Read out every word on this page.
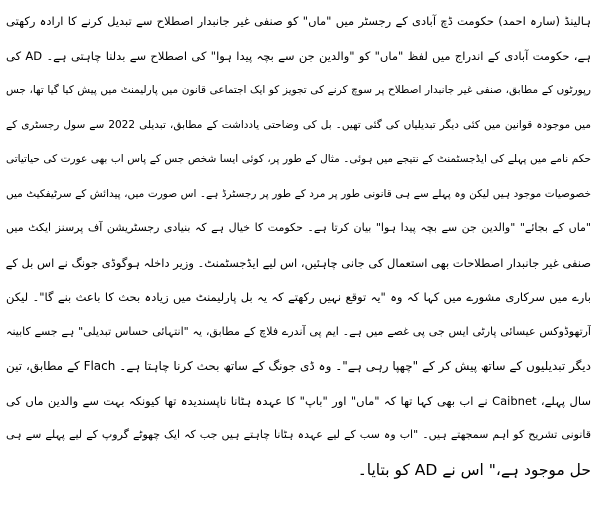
ہالینڈ (سارہ احمد) حکومت ڈچ آبادی کے رجسٹر میں "ماں" کو صنفی غیر جانبدار اصطلاح سے تبدیل کرنے کا ارادہ رکھتی
ہے، حکومت آبادی کے اندراج میں لفظ "ماں" کو "والدین جن سے بچہ پیدا ہوا" کی اصطلاح سے بدلنا چاہتی ہے۔ AD کی
رپورٹوں کے مطابق، صنفی غیر جانبدار اصطلاح پر سوچ کرنے کی تجویز کو ایک اجتماعی قانون میں پارلیمنٹ میں پیش کیا گیا تھا، جس
میں موجودہ قوانین میں کئی دیگر تبدیلیاں کی گئی تھیں۔ بل کی وضاحتی یادداشت کے مطابق، تبدیلی 2022 سے سول رجسٹری کے
حکم نامے میں پہلے کی ایڈجسٹمنٹ کے نتیجے میں ہوئی۔ مثال کے طور پر، کوئی ایسا شخص جس کے پاس اب بھی عورت کی حیاتیاتی
خصوصیات موجود ہیں لیکن وہ پہلے سے ہی قانونی طور پر مرد کے طور پر رجسٹرڈ ہے۔ اس صورت میں، پیدائش کے سرٹیفکیٹ میں
"ماں کے بجائے" "والدین جن سے بچہ پیدا ہوا" بیان کرتا ہے۔ حکومت کا خیال ہے کہ بنیادی رجسٹریشن آف پرسنز ایکٹ میں
صنفی غیر جانبدار اصطلاحات بھی استعمال کی جانی چاہئیں، اس لیے ایڈجسٹمنٹ۔ وزیر داخلہ ہوگوڈی جونگ نے اس بل کے
بارے میں سرکاری مشورے میں کہا کہ وہ "یہ توقع نہیں رکھتے کہ یہ بل پارلیمنٹ میں زیادہ بحث کا باعث بنے گا"۔ لیکن
آرتھوڈوکس عیسائی پارٹی ایس جی پی غصے میں ہے۔ ایم پی آندرے فلاچ کے مطابق، یہ "انتہائی حساس تبدیلی" ہے جسے کابینہ
دیگر تبدیلیوں کے ساتھ پیش کر کے "چھپا رہی ہے"۔ وہ ڈی جونگ کے ساتھ بحث کرنا چاہتا ہے۔ Flach کے مطابق، تین
سال پہلے، Caibnet نے اب بھی کہا تھا کہ "ماں" اور "باپ" کا عہدہ ہٹانا ناپسندیدہ تھا کیونکہ بہت سے والدین ماں کی
قانونی تشریح کو اہم سمجھتے ہیں۔ "اب وہ سب کے لیے عہدہ ہٹانا چاہتے ہیں جب کہ ایک چھوٹے گروپ کے لیے پہلے سے ہی
حل موجود ہے،" اس نے AD کو بتایا۔
